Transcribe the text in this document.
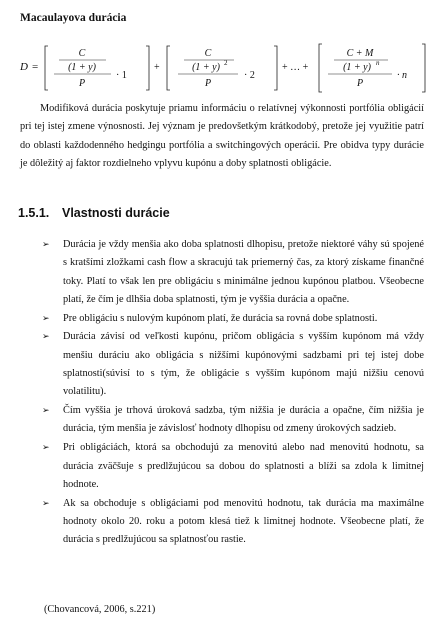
Macaulayova durácia
D =
C
(1 + y)
P
· 1
+
C
(1 + y) 2
P
· 2
+ … +
C + M
(1 + y) n
P
· n

Modifiková durácia poskytuje priamu informáciu o relatívnej výkonnosti portfólia obligácií pri tej istej zmene výnosnosti. Jej význam je predovšetkým krátkodobý, pretože jej využitie patrí do oblasti každodenného hedgingu portfólia a switchingových operácií. Pre obidva typy durácie je dôležitý aj faktor rozdielneho vplyvu kupónu a doby splatnosti obligácie.

1.5.1. Vlastnosti durácie
➢ Durácia je vždy menšia ako doba splatnosti dlhopisu, pretože niektoré váhy sú spojené s kratšími zložkami cash flow a skracujú tak priemerný čas, za ktorý získame finančné toky. Platí to však len pre obligáciu s minimálne jednou kupónou platbou. Všeobecne platí, že čím je dlhšia doba splatnosti, tým je vyššia durácia a opačne.
➢ Pre obligáciu s nulovým kupónom platí, že durácia sa rovná dobe splatnosti.
➢ Durácia závisí od veľkosti kupónu, pričom obligácia s vyšším kupónom má vždy menšiu duráciu ako obligácia s nižšími kupónovými sadzbami pri tej istej dobe splatnosti(súvisí to s tým, že obligácie s vyšším kupónom majú nižšiu cenovú volatilitu).
➢ Čím vyššia je trhová úroková sadzba, tým nižšia je durácia a opačne, čím nižšia je durácia, tým menšia je závislosť hodnoty dlhopisu od zmeny úrokových sadzieb.
➢ Pri obligáciách, ktorá sa obchodujú za menovitú alebo nad menovitú hodnotu, sa durácia zväčšuje s predlžujúcou sa dobou do splatnosti a blíži sa zdola k limitnej hodnote.
➢ Ak sa obchoduje s obligáciami pod menovitú hodnotu, tak durácia ma maximálne hodnoty okolo 20. roku a potom klesá tiež k limitnej hodnote. Všeobecne platí, že durácia s predlžujúcou sa splatnosťou rastie.
(Chovancová, 2006, s.221)
